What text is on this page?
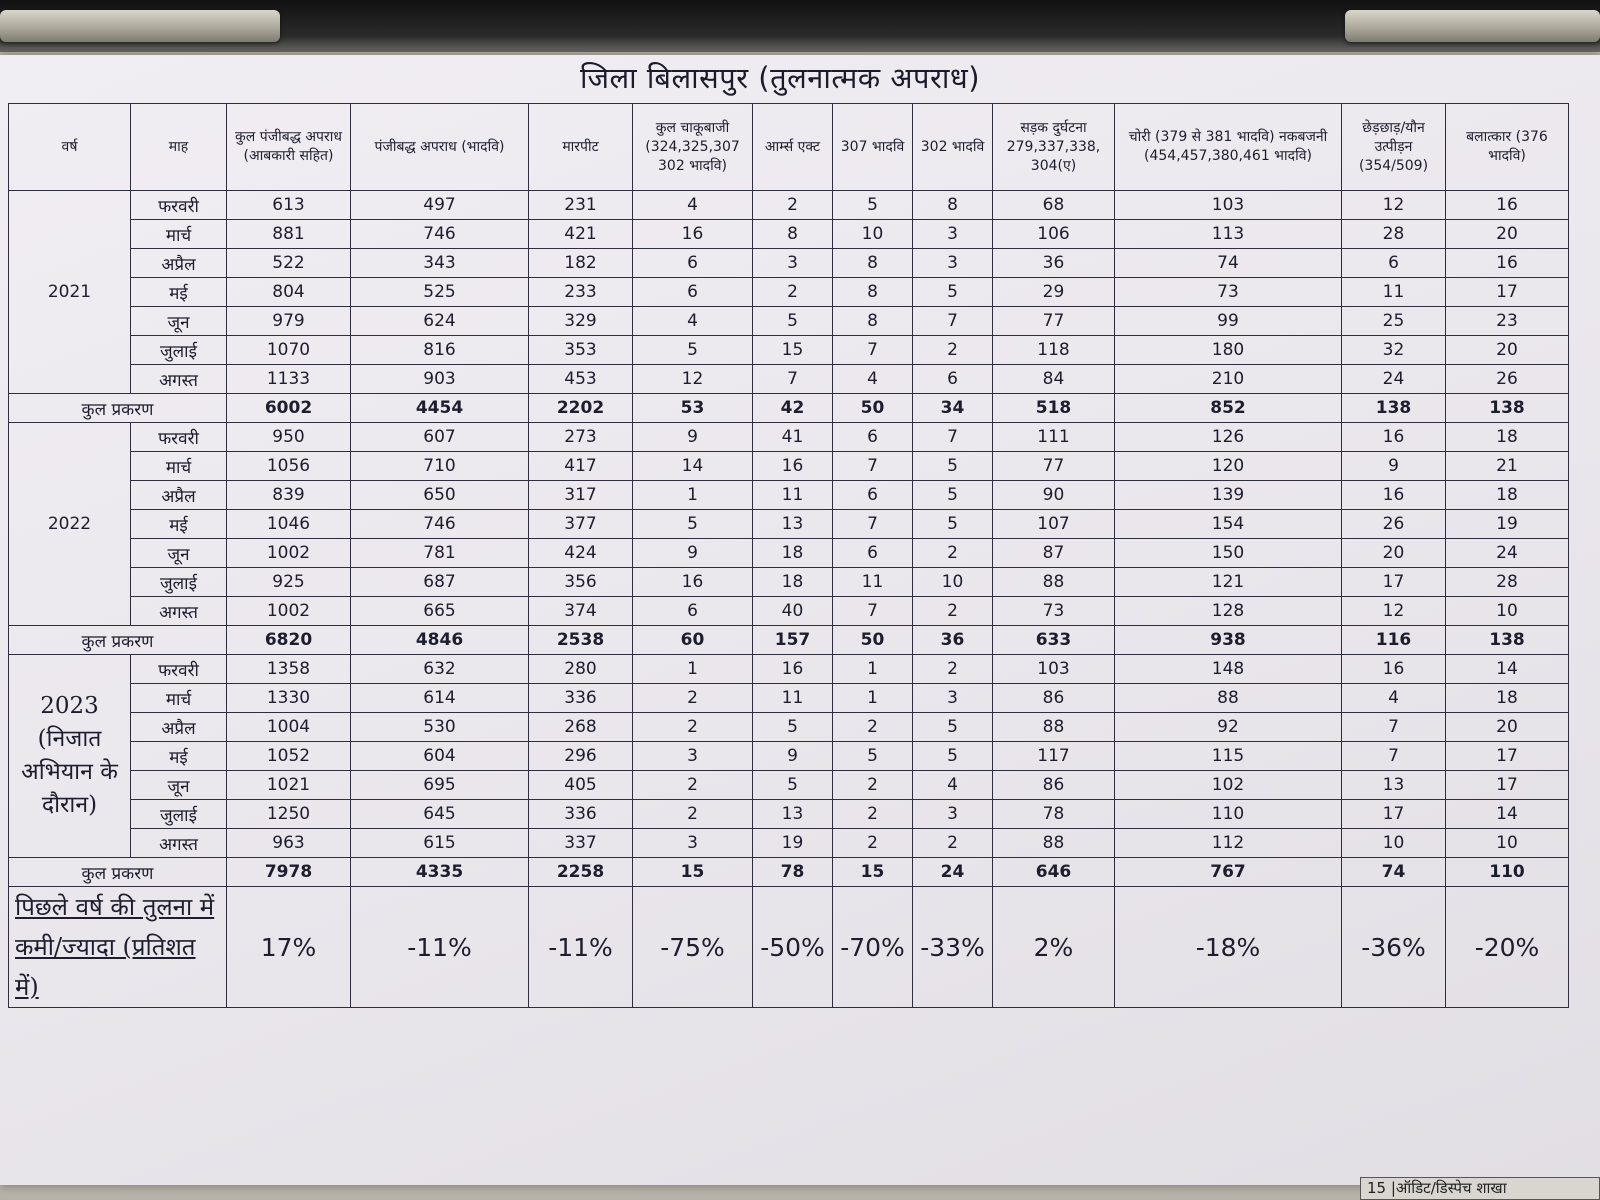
जिला बिलासपुर (तुलनात्मक अपराध)
वर्ष	माह	कुल पंजीबद्ध अपराध (आबकारी सहित)	पंजीबद्ध अपराध (भादवि)	मारपीट	कुल चाकूबाजी (324,325,307 302 भादवि)	आर्म्स एक्ट	307 भादवि	302 भादवि	सड़क दुर्घटना 279,337,338, 304(ए)	चोरी (379 से 381 भादवि) नकबजनी (454,457,380,461 भादवि)	छेड़छाड़/यौन उत्पीड़न (354/509)	बलात्कार (376 भादवि)
2021	फरवरी	613	497	231	4	2	5	8	68	103	12	16
	मार्च	881	746	421	16	8	10	3	106	113	28	20
	अप्रैल	522	343	182	6	3	8	3	36	74	6	16
	मई	804	525	233	6	2	8	5	29	73	11	17
	जून	979	624	329	4	5	8	7	77	99	25	23
	जुलाई	1070	816	353	5	15	7	2	118	180	32	20
	अगस्त	1133	903	453	12	7	4	6	84	210	24	26
कुल प्रकरण		6002	4454	2202	53	42	50	34	518	852	138	138
2022	फरवरी	950	607	273	9	41	6	7	111	126	16	18
	मार्च	1056	710	417	14	16	7	5	77	120	9	21
	अप्रैल	839	650	317	1	11	6	5	90	139	16	18
	मई	1046	746	377	5	13	7	5	107	154	26	19
	जून	1002	781	424	9	18	6	2	87	150	20	24
	जुलाई	925	687	356	16	18	11	10	88	121	17	28
	अगस्त	1002	665	374	6	40	7	2	73	128	12	10
कुल प्रकरण		6820	4846	2538	60	157	50	36	633	938	116	138
2023 (निजात अभियान के दौरान)	फरवरी	1358	632	280	1	16	1	2	103	148	16	14
	मार्च	1330	614	336	2	11	1	3	86	88	4	18
	अप्रैल	1004	530	268	2	5	2	5	88	92	7	20
	मई	1052	604	296	3	9	5	5	117	115	7	17
	जून	1021	695	405	2	5	2	4	86	102	13	17
	जुलाई	1250	645	336	2	13	2	3	78	110	17	14
	अगस्त	963	615	337	3	19	2	2	88	112	10	10
कुल प्रकरण		7978	4335	2258	15	78	15	24	646	767	74	110
पिछले वर्ष की तुलना में कमी/ज्यादा (प्रतिशत में)		17%	-11%	-11%	-75%	-50%	-70%	-33%	2%	-18%	-36%	-20%
15 |ऑडिट/डिस्पेच शाखा
